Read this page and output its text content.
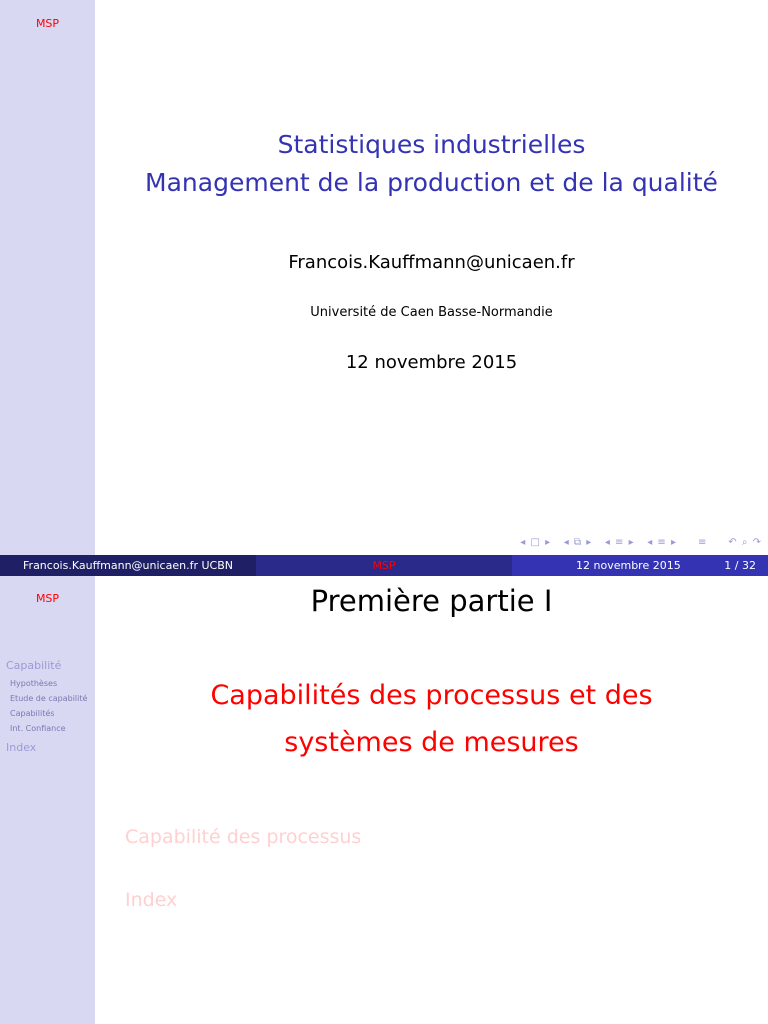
MSP
Statistiques industrielles
Management de la production et de la qualité
Francois.Kauffmann@unicaen.fr
Université de Caen Basse-Normandie
12 novembre 2015
◂ □ ▸ ◂ ⧉ ▸ ◂ ≡ ▸ ◂ ≡ ▸ ≡ ↶ ⌕ ↷
Francois.Kauffmann@unicaen.fr UCBN	MSP	12 novembre 2015	1 / 32
MSP
Capabilité
Hypothèses
Etude de capabilité
Capabilités
Int. Confiance
Index
Première partie I
Capabilités des processus et des
systèmes de mesures
Capabilité des processus
Index
